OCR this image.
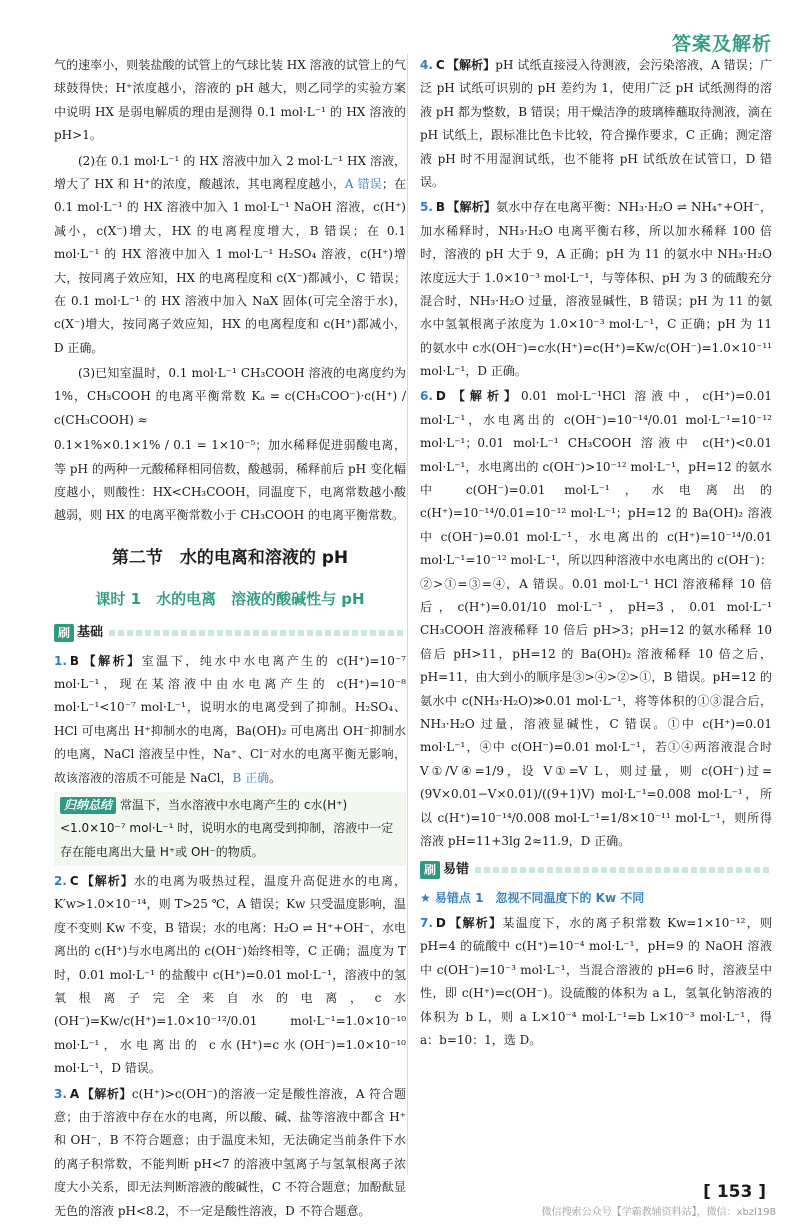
答案及解析

气的速率小，则装盐酸的试管上的气球比装 HX 溶液的试管上的气球鼓得快；H⁺浓度越小，溶液的 pH 越大，则乙同学的实验方案中说明 HX 是弱电解质的理由是测得 0.1 mol·L⁻¹ 的 HX 溶液的 pH>1。

(2)在 0.1 mol·L⁻¹ 的 HX 溶液中加入 2 mol·L⁻¹ HX 溶液，增大了 HX 和 H⁺的浓度，酸越浓，其电离程度越小，A 错误；在 0.1 mol·L⁻¹ 的 HX 溶液中加入 1 mol·L⁻¹ NaOH 溶液，c(H⁺)减小，c(X⁻)增大，HX 的电离程度增大，B 错误；在 0.1 mol·L⁻¹ 的 HX 溶液中加入 1 mol·L⁻¹ H₂SO₄ 溶液，c(H⁺)增大，按同离子效应知，HX 的电离程度和 c(X⁻)都减小，C 错误；在 0.1 mol·L⁻¹ 的 HX 溶液中加入 NaX 固体(可完全溶于水)，c(X⁻)增大，按同离子效应知，HX 的电离程度和 c(H⁺)都减小，D 正确。

(3)已知室温时，0.1 mol·L⁻¹ CH₃COOH 溶液的电离度约为 1%，CH₃COOH 的电离平衡常数 Kₐ = c(CH₃COO⁻)·c(H⁺) / c(CH₃COOH) ≈

0.1×1%×0.1×1% / 0.1 = 1×10⁻⁵；加水稀释促进弱酸电离，等 pH 的两种一元酸稀释相同倍数，酸越弱，稀释前后 pH 变化幅度越小，则酸性：HX<CH₃COOH，同温度下，电离常数越小酸越弱，则 HX 的电离平衡常数小于 CH₃COOH 的电离平衡常数。

第二节　水的电离和溶液的 pH
课时 1　水的电离　溶液的酸碱性与 pH
刷 基础

1. B 【解析】室温下，纯水中水电离产生的 c(H⁺)=10⁻⁷ mol·L⁻¹，现在某溶液中由水电离产生的 c(H⁺)=10⁻⁸ mol·L⁻¹<10⁻⁷ mol·L⁻¹，说明水的电离受到了抑制。H₂SO₄、HCl 可电离出 H⁺抑制水的电离，Ba(OH)₂ 可电离出 OH⁻抑制水的电离，NaCl 溶液呈中性，Na⁺、Cl⁻对水的电离平衡无影响，故该溶液的溶质不可能是 NaCl，B 正确。

归纳总结 常温下，当水溶液中水电离产生的 c水(H⁺)<1.0×10⁻⁷ mol·L⁻¹ 时，说明水的电离受到抑制，溶液中一定存在能电离出大量 H⁺或 OH⁻的物质。

2. C 【解析】水的电离为吸热过程，温度升高促进水的电离，K′w>1.0×10⁻¹⁴，则 T>25 ℃，A 错误；Kw 只受温度影响，温度不变则 Kw 不变，B 错误；水的电离：H₂O ⇌ H⁺+OH⁻，水电离出的 c(H⁺)与水电离出的 c(OH⁻)始终相等，C 正确；温度为 T 时，0.01 mol·L⁻¹ 的盐酸中 c(H⁺)=0.01 mol·L⁻¹，溶液中的氢氧根离子完全来自水的电离，c水(OH⁻)=Kw/c(H⁺)=1.0×10⁻¹²/0.01 mol·L⁻¹=1.0×10⁻¹⁰ mol·L⁻¹，水电离出的 c水(H⁺)=c水(OH⁻)=1.0×10⁻¹⁰ mol·L⁻¹，D 错误。

3. A 【解析】c(H⁺)>c(OH⁻)的溶液一定是酸性溶液，A 符合题意；由于溶液中存在水的电离，所以酸、碱、盐等溶液中都含 H⁺和 OH⁻，B 不符合题意；由于温度未知，无法确定当前条件下水的离子积常数，不能判断 pH<7 的溶液中氢离子与氢氧根离子浓度大小关系，即无法判断溶液的酸碱性，C 不符合题意；加酚酞显无色的溶液 pH<8.2，不一定是酸性溶液，D 不符合题意。

4. C 【解析】pH 试纸直接浸入待测液，会污染溶液，A 错误；广泛 pH 试纸可识别的 pH 差约为 1，使用广泛 pH 试纸测得的溶液 pH 都为整数，B 错误；用干燥洁净的玻璃棒蘸取待测液，滴在 pH 试纸上，跟标准比色卡比较，符合操作要求，C 正确；测定溶液 pH 时不用湿润试纸，也不能将 pH 试纸放在试管口，D 错误。

5. B 【解析】氨水中存在电离平衡：NH₃·H₂O ⇌ NH₄⁺+OH⁻，加水稀释时，NH₃·H₂O 电离平衡右移，所以加水稀释 100 倍时，溶液的 pH 大于 9，A 正确；pH 为 11 的氨水中 NH₃·H₂O 浓度远大于 1.0×10⁻³ mol·L⁻¹，与等体积、pH 为 3 的硫酸充分混合时，NH₃·H₂O 过量，溶液显碱性，B 错误；pH 为 11 的氨水中氢氧根离子浓度为 1.0×10⁻³ mol·L⁻¹，C 正确；pH 为 11 的氨水中 c水(OH⁻)=c水(H⁺)=c(H⁺)=Kw/c(OH⁻)=1.0×10⁻¹¹ mol·L⁻¹，D 正确。

6. D 【解析】0.01 mol·L⁻¹HCl 溶液中，c(H⁺)=0.01 mol·L⁻¹，水电离出的 c(OH⁻)=10⁻¹⁴/0.01 mol·L⁻¹=10⁻¹² mol·L⁻¹；0.01 mol·L⁻¹ CH₃COOH 溶液中 c(H⁺)<0.01 mol·L⁻¹，水电离出的 c(OH⁻)>10⁻¹² mol·L⁻¹，pH=12 的氨水中 c(OH⁻)=0.01 mol·L⁻¹，水电离出的 c(H⁺)=10⁻¹⁴/0.01=10⁻¹² mol·L⁻¹；pH=12 的 Ba(OH)₂ 溶液中 c(OH⁻)=0.01 mol·L⁻¹，水电离出的 c(H⁺)=10⁻¹⁴/0.01 mol·L⁻¹=10⁻¹² mol·L⁻¹，所以四种溶液中水电离出的 c(OH⁻)：②>①=③=④，A 错误。0.01 mol·L⁻¹ HCl 溶液稀释 10 倍后，c(H⁺)=0.01/10 mol·L⁻¹，pH=3，0.01 mol·L⁻¹ CH₃COOH 溶液稀释 10 倍后 pH>3；pH=12 的氨水稀释 10 倍后 pH>11，pH=12 的 Ba(OH)₂ 溶液稀释 10 倍之后，pH=11，由大到小的顺序是③>④>②>①，B 错误。pH=12 的氨水中 c(NH₃·H₂O)≫0.01 mol·L⁻¹，将等体积的①③混合后，NH₃·H₂O 过量，溶液显碱性，C 错误。①中 c(H⁺)=0.01 mol·L⁻¹，④中 c(OH⁻)=0.01 mol·L⁻¹，若①④两溶液混合时 V①/V④=1/9，设 V①=V L，则过量，则 c(OH⁻)过=(9V×0.01−V×0.01)/((9+1)V) mol·L⁻¹=0.008 mol·L⁻¹，所以 c(H⁺)=10⁻¹⁴/0.008 mol·L⁻¹=1/8×10⁻¹¹ mol·L⁻¹，则所得溶液 pH=11+3lg 2≈11.9，D 正确。

刷 易错
★ 易错点 1　忽视不同温度下的 Kw 不同

7. D 【解析】某温度下，水的离子积常数 Kw=1×10⁻¹²，则 pH=4 的硫酸中 c(H⁺)=10⁻⁴ mol·L⁻¹，pH=9 的 NaOH 溶液中 c(OH⁻)=10⁻³ mol·L⁻¹，当混合溶液的 pH=6 时，溶液呈中性，即 c(H⁺)=c(OH⁻)。设硫酸的体积为 a L，氢氧化钠溶液的体积为 b L，则 a L×10⁻⁴ mol·L⁻¹=b L×10⁻³ mol·L⁻¹，得 a：b=10：1，选 D。

[ 153 ]
微信搜索公众号【学霸教辅资料站】，微信：xbzl198
